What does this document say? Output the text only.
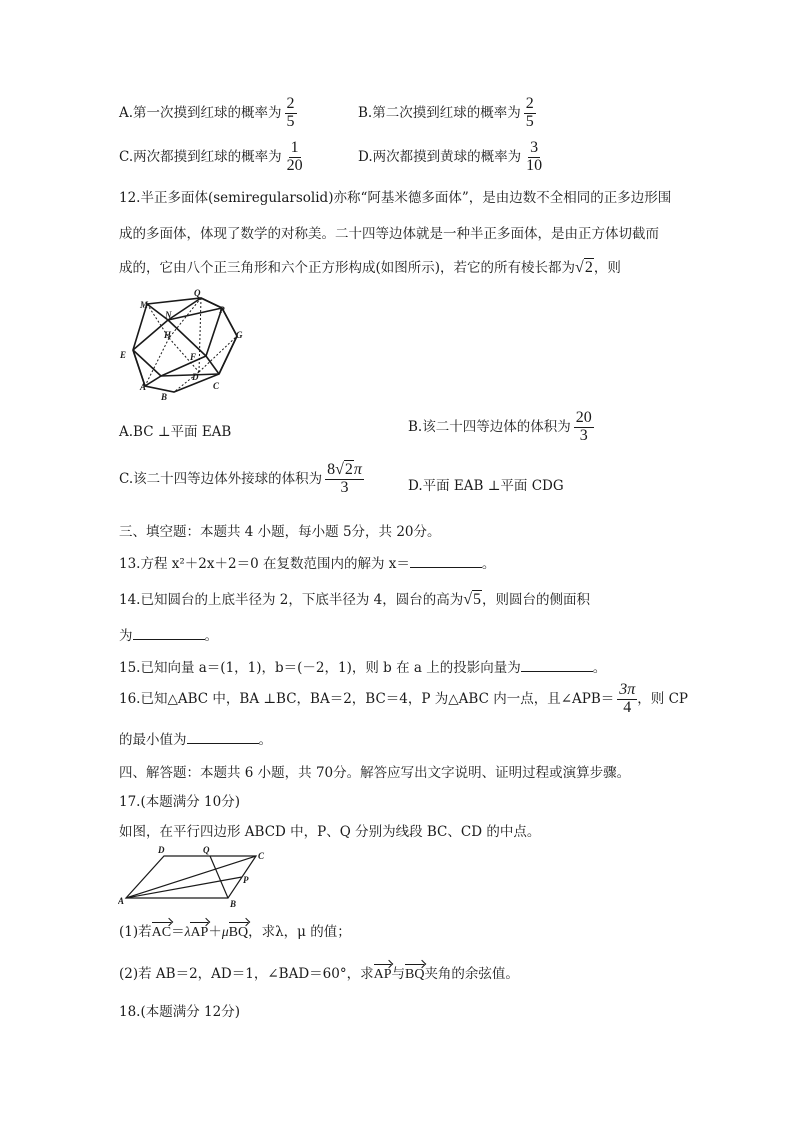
A.第一次摸到红球的概率为 $\frac{2}{5}$	B.第二次摸到红球的概率为 $\frac{2}{5}$
C.两次都摸到红球的概率为 $\frac{1}{20}$	D.两次都摸到黄球的概率为 $\frac{3}{10}$
12.半正多面体(semiregularsolid)亦称“阿基米德多面体”，是由边数不全相同的正多边形围
成的多面体，体现了数学的对称美。二十四等边体就是一种半正多面体，是由正方体切截而
成的，它由八个正三角形和六个正方形构成(如图所示)，若它的所有棱长都为√2，则
M
Q
P
N
H	G
E	F
D
A
B
C
A.BC ⊥平面 EAB	B.该二十四等边体的体积为 $\frac{20}{3}$
C.该二十四等边体外接球的体积为 $\frac{8√2\pi}{3}$	D.平面 EAB ⊥平面 CDG
三、填空题：本题共 4 小题，每小题 5分，共 20分。
13.方程 x²＋2x＋2＝0 在复数范围内的解为 x＝	。
14.已知圆台的上底半径为 2，下底半径为 4，圆台的高为√5，则圆台的侧面积
为	。
15.已知向量 a＝(1，1)，b＝(－2，1)，则 b 在 a 上的投影向量为	。
16.已知△ABC 中，BA ⊥BC，BA＝2，BC＝4，P 为△ABC 内一点，且∠APB＝ $\frac{3\pi}{4}$ ，则 CP
的最小值为	。
四、解答题：本题共 6 小题，共 70分。解答应写出文字说明、证明过程或演算步骤。
17.(本题满分 10分)
如图，在平行四边形 ABCD 中，P、Q 分别为线段 BC、CD 的中点。
D	Q
C
P
A	B
(1)若AC＝λAP＋μBQ，求λ，μ 的值；
(2)若 AB＝2，AD＝1，∠BAD＝60°，求AP与BQ夹角的余弦值。
18.(本题满分 12分)
